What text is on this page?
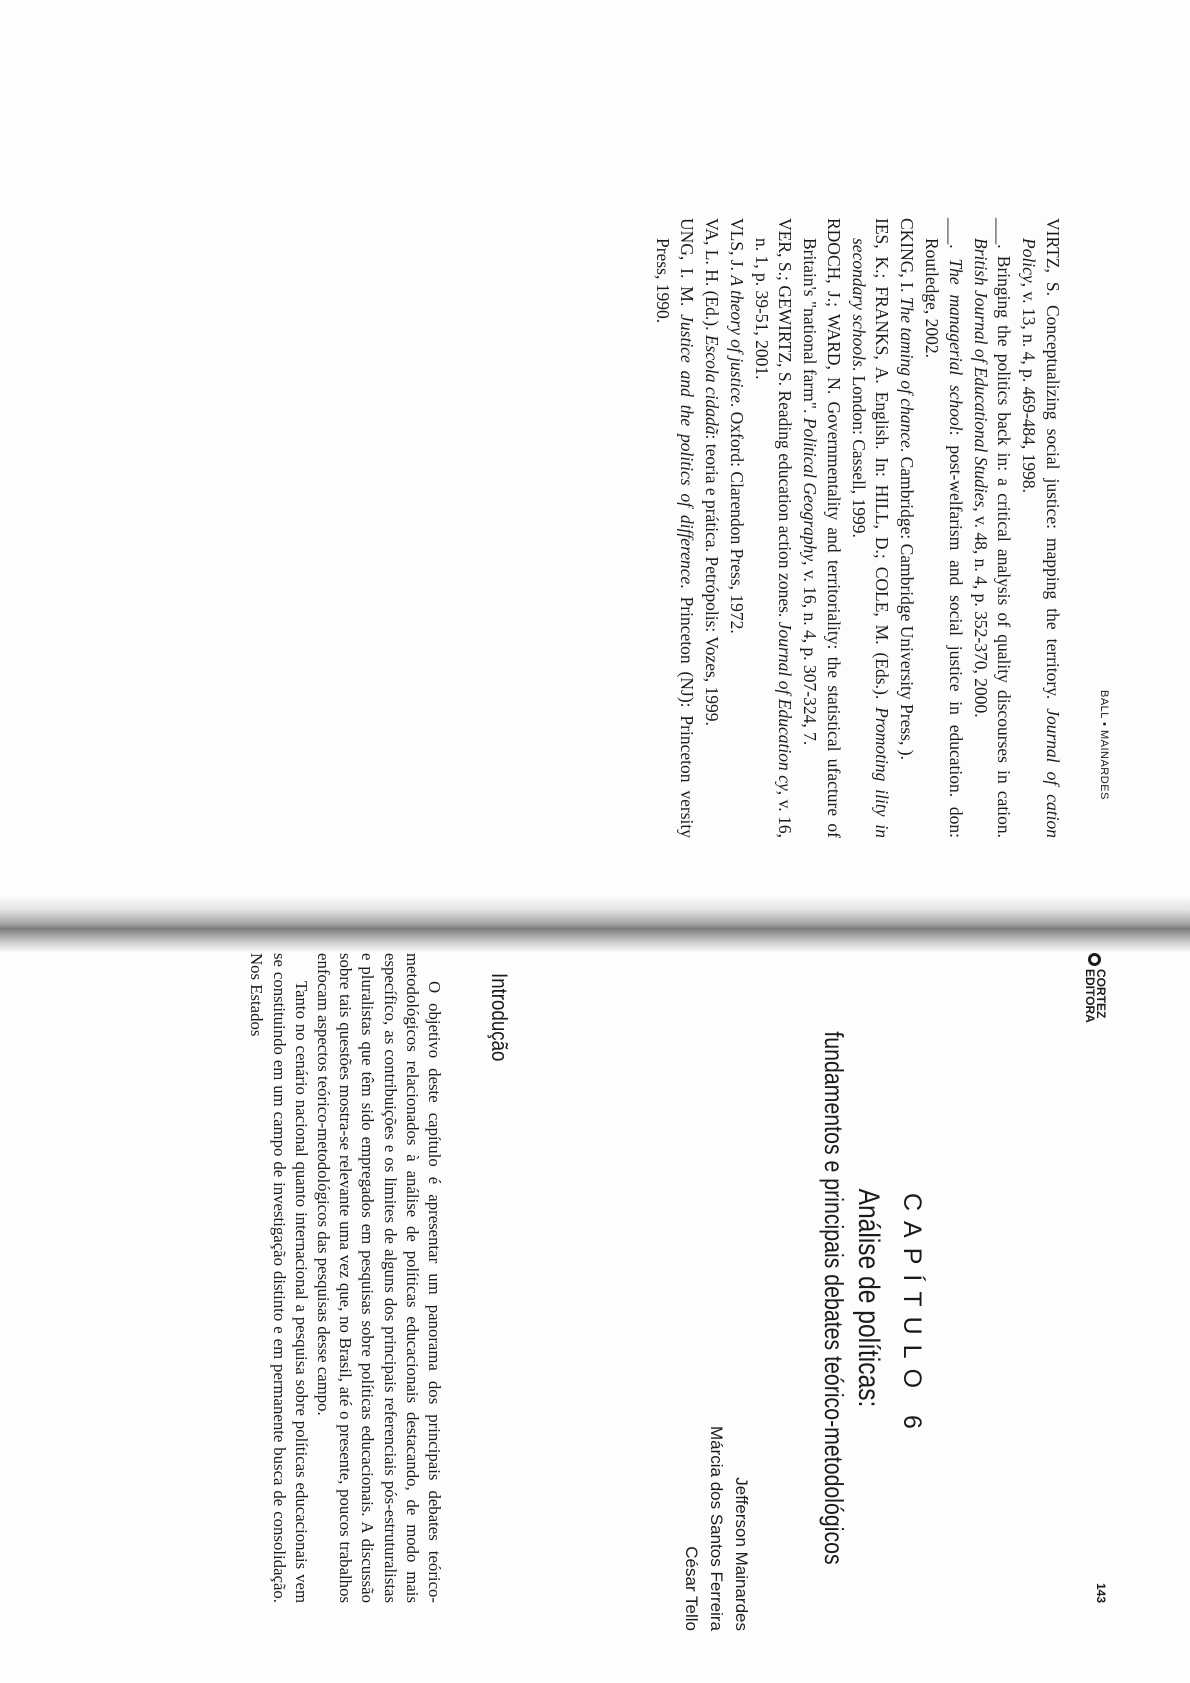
BALL • MAINARDES

VIRTZ, S. Conceptualizing social justice: mapping the territory. Journal of cation Policy, v. 13, n. 4, p. 469-484, 1998.

___. Bringing the politics back in: a critical analysis of quality discourses in cation. British Journal of Educational Studies, v. 48, n. 4, p. 352-370, 2000.

___. The managerial school: post-welfarism and social justice in education. don: Routledge, 2002.

CKING, I. The taming of chance. Cambridge: Cambridge University Press, ).

IES, K.; FRANKS, A. English. In: HILL, D.; COLE, M. (Eds.). Promoting ility in secondary schools. London: Cassell, 1999.

RDOCH, J.; WARD, N. Governmentality and territoriality: the statistical ufacture of Britain's "national farm". Political Geography, v. 16, n. 4, p. 307-324, 7.

VER, S.; GEWIRTZ, S. Reading education action zones. Journal of Education cy, v. 16, n. 1, p. 39-51, 2001.

VLS, J. A theory of justice. Oxford: Clarendon Press, 1972.

VA, L. H. (Ed.). Escola cidadã: teoria e prática. Petrópolis: Vozes, 1999.

UNG, I. M. Justice and the politics of difference. Princeton (NJ): Princeton versity Press, 1990.

CORTEZ
EDITORA
143
CAPÍTULO 6
Análise de políticas:
fundamentos e principais debates teórico-metodológicos
Jefferson Mainardes
Márcia dos Santos Ferreira
César Tello
Introdução

O objetivo deste capítulo é apresentar um panorama dos principais debates teórico-metodológicos relacionados à análise de políticas educacionais destacando, de modo mais específico, as contribuições e os limites de alguns dos principais referenciais pós-estruturalistas e pluralistas que têm sido empregados em pesquisas sobre políticas educacionais. A discussão sobre tais questões mostra-se relevante uma vez que, no Brasil, até o presente, poucos trabalhos enfocam aspectos teórico-metodológicos das pesquisas desse campo.

Tanto no cenário nacional quanto internacional a pesquisa sobre políticas educacionais vem se constituindo em um campo de investigação distinto e em permanente busca de consolidação. Nos Estados
